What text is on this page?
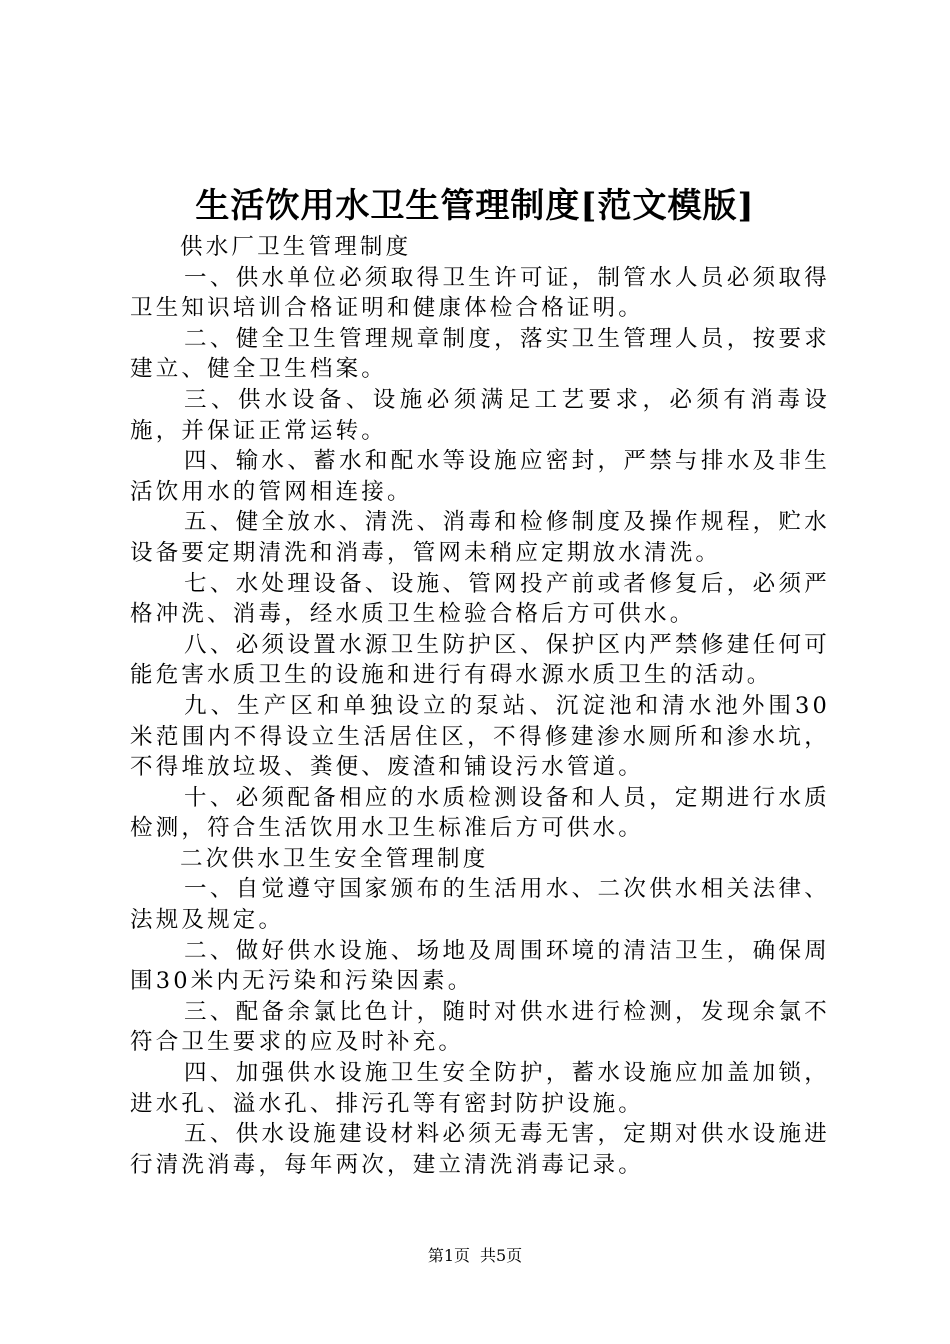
生活饮用水卫生管理制度[范文模版]

供水厂卫生管理制度

一、供水单位必须取得卫生许可证，制管水人员必须取得卫生知识培训合格证明和健康体检合格证明。

二、健全卫生管理规章制度，落实卫生管理人员，按要求建立、健全卫生档案。

三、供水设备、设施必须满足工艺要求，必须有消毒设施，并保证正常运转。

四、输水、蓄水和配水等设施应密封，严禁与排水及非生活饮用水的管网相连接。

五、健全放水、清洗、消毒和检修制度及操作规程，贮水设备要定期清洗和消毒，管网未稍应定期放水清洗。

七、水处理设备、设施、管网投产前或者修复后，必须严格冲洗、消毒，经水质卫生检验合格后方可供水。

八、必须设置水源卫生防护区、保护区内严禁修建任何可能危害水质卫生的设施和进行有碍水源水质卫生的活动。

九、生产区和单独设立的泵站、沉淀池和清水池外围30米范围内不得设立生活居住区，不得修建渗水厕所和渗水坑，不得堆放垃圾、粪便、废渣和铺设污水管道。

十、必须配备相应的水质检测设备和人员，定期进行水质检测，符合生活饮用水卫生标准后方可供水。

二次供水卫生安全管理制度

一、自觉遵守国家颁布的生活用水、二次供水相关法律、法规及规定。

二、做好供水设施、场地及周围环境的清洁卫生，确保周围30米内无污染和污染因素。

三、配备余氯比色计，随时对供水进行检测，发现余氯不符合卫生要求的应及时补充。

四、加强供水设施卫生安全防护，蓄水设施应加盖加锁，进水孔、溢水孔、排污孔等有密封防护设施。

五、供水设施建设材料必须无毒无害，定期对供水设施进行清洗消毒，每年两次，建立清洗消毒记录。

第1页 共5页
